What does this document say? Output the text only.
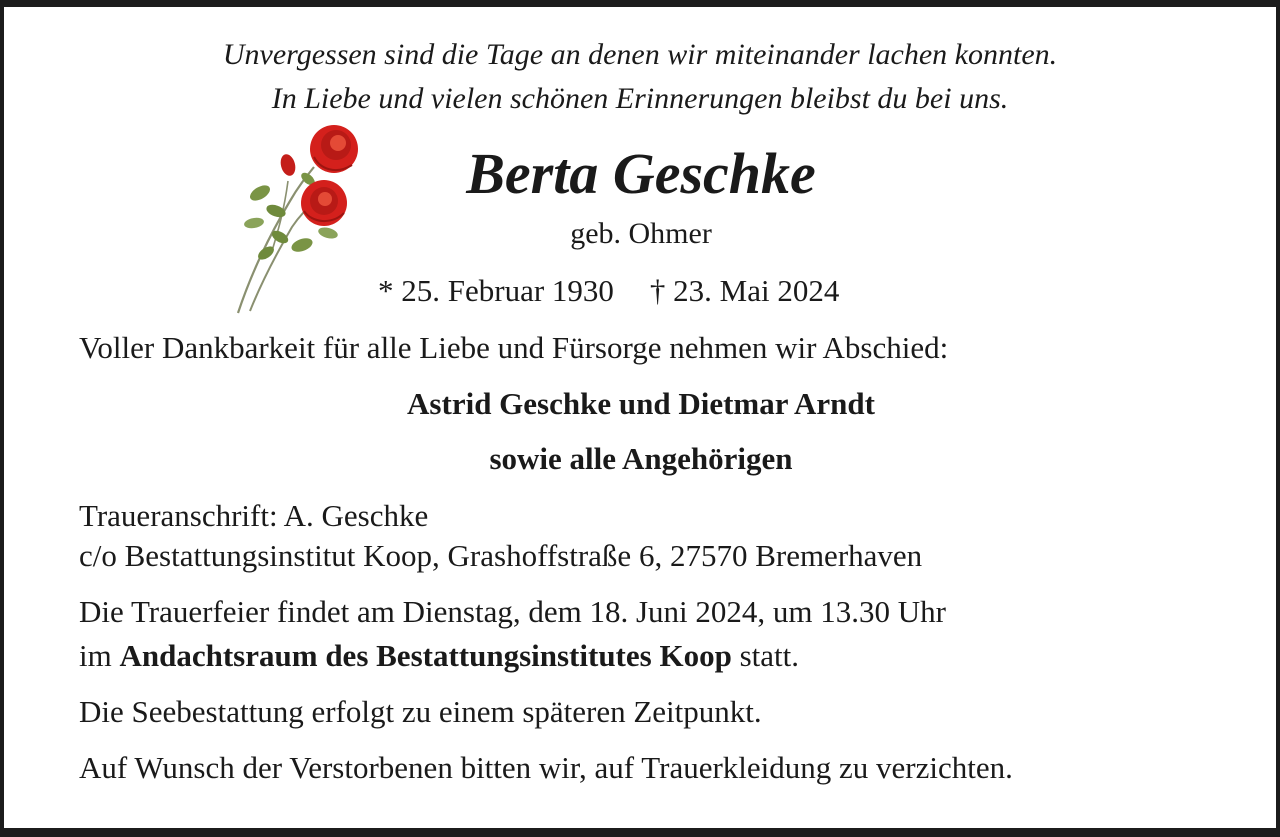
Unvergessen sind die Tage an denen wir miteinander lachen konnten.
In Liebe und vielen schönen Erinnerungen bleibst du bei uns.
Berta Geschke
geb. Ohmer
* 25. Februar 1930 † 23. Mai 2024
Voller Dankbarkeit für alle Liebe und Fürsorge nehmen wir Abschied:
Astrid Geschke und Dietmar Arndt
sowie alle Angehörigen
Traueranschrift: A. Geschke
c/o Bestattungsinstitut Koop, Grashoffstraße 6, 27570 Bremerhaven
Die Trauerfeier findet am Dienstag, dem 18. Juni 2024, um 13.30 Uhr
im Andachtsraum des Bestattungsinstitutes Koop statt.
Die Seebestattung erfolgt zu einem späteren Zeitpunkt.
Auf Wunsch der Verstorbenen bitten wir, auf Trauerkleidung zu verzichten.
